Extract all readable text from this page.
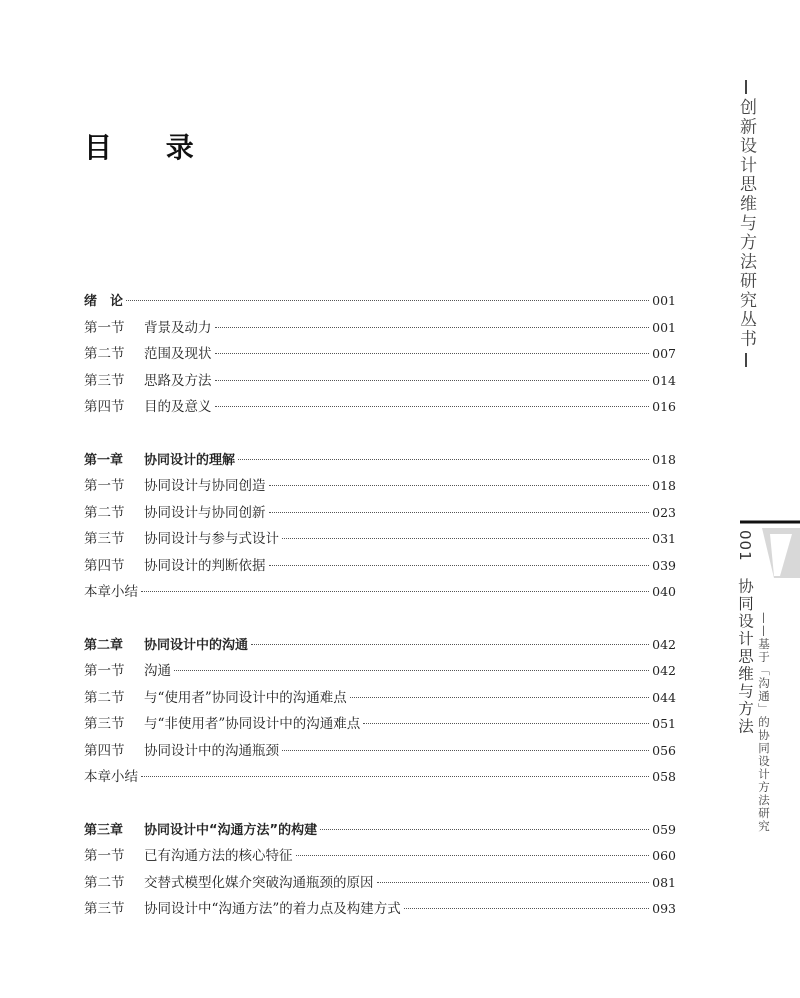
目 录
绪　论	001
第一节 背景及动力	001
第二节 范围及现状	007
第三节 思路及方法	014
第四节 目的及意义	016
第一章 协同设计的理解	018
第一节 协同设计与协同创造	018
第二节 协同设计与协同创新	023
第三节 协同设计与参与式设计	031
第四节 协同设计的判断依据	039
本章小结	040
第二章 协同设计中的沟通	042
第一节 沟通	042
第二节 与“使用者”协同设计中的沟通难点	044
第三节 与“非使用者”协同设计中的沟通难点	051
第四节 协同设计中的沟通瓶颈	056
本章小结	058
第三章 协同设计中“沟通方法”的构建	059
第一节 已有沟通方法的核心特征	060
第二节 交替式模型化媒介突破沟通瓶颈的原因	081
第三节 协同设计中“沟通方法”的着力点及构建方式	093
创新设计思维与方法研究丛书
001
协同设计思维与方法 ——基于「沟通」的协同设计方法研究
